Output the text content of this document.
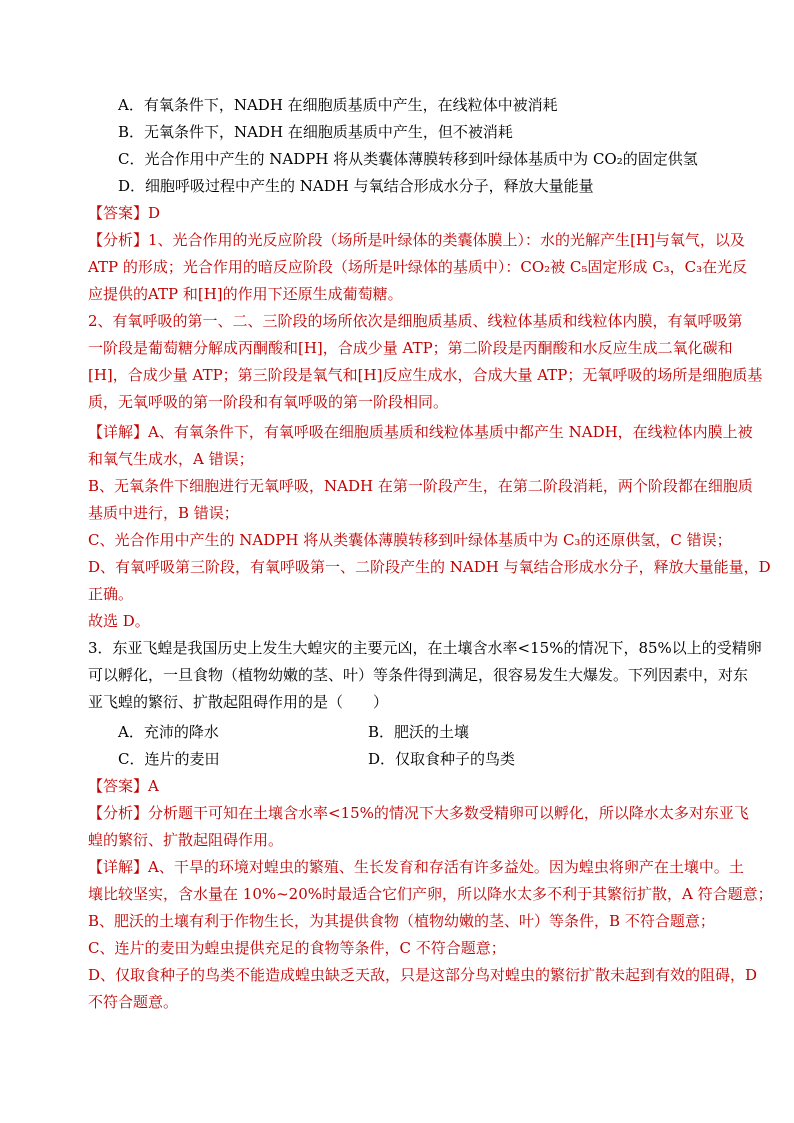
A．有氧条件下，NADH 在细胞质基质中产生，在线粒体中被消耗
B．无氧条件下，NADH 在细胞质基质中产生，但不被消耗
C．光合作用中产生的 NADPH 将从类囊体薄膜转移到叶绿体基质中为 CO₂的固定供氢
D．细胞呼吸过程中产生的 NADH 与氧结合形成水分子，释放大量能量
【答案】D
【分析】1、光合作用的光反应阶段（场所是叶绿体的类囊体膜上）：水的光解产生[H]与氧气，以及
ATP 的形成；光合作用的暗反应阶段（场所是叶绿体的基质中）：CO₂被 C₅固定形成 C₃，C₃在光反
应提供的ATP 和[H]的作用下还原生成葡萄糖。
2、有氧呼吸的第一、二、三阶段的场所依次是细胞质基质、线粒体基质和线粒体内膜，有氧呼吸第
一阶段是葡萄糖分解成丙酮酸和[H]，合成少量 ATP；第二阶段是丙酮酸和水反应生成二氧化碳和
[H]，合成少量 ATP；第三阶段是氧气和[H]反应生成水，合成大量 ATP；无氧呼吸的场所是细胞质基
质，无氧呼吸的第一阶段和有氧呼吸的第一阶段相同。
【详解】A、有氧条件下，有氧呼吸在细胞质基质和线粒体基质中都产生 NADH，在线粒体内膜上被
和氧气生成水，A 错误；
B、无氧条件下细胞进行无氧呼吸，NADH 在第一阶段产生，在第二阶段消耗，两个阶段都在细胞质
基质中进行，B 错误；
C、光合作用中产生的 NADPH 将从类囊体薄膜转移到叶绿体基质中为 C₃的还原供氢，C 错误；
D、有氧呼吸第三阶段，有氧呼吸第一、二阶段产生的 NADH 与氧结合形成水分子，释放大量能量，D
正确。
故选 D。
3．东亚飞蝗是我国历史上发生大蝗灾的主要元凶，在土壤含水率<15%的情况下，85%以上的受精卵
可以孵化，一旦食物（植物幼嫩的茎、叶）等条件得到满足，很容易发生大爆发。下列因素中，对东
亚飞蝗的繁衍、扩散起阻碍作用的是（　　）
A．充沛的降水	B．肥沃的土壤
C．连片的麦田	D．仅取食种子的鸟类
【答案】A
【分析】分析题干可知在土壤含水率<15%的情况下大多数受精卵可以孵化，所以降水太多对东亚飞
蝗的繁衍、扩散起阻碍作用。
【详解】A、干旱的环境对蝗虫的繁殖、生长发育和存活有许多益处。因为蝗虫将卵产在土壤中。土
壤比较坚实，含水量在 10%~20%时最适合它们产卵，所以降水太多不利于其繁衍扩散，A 符合题意；
B、肥沃的土壤有利于作物生长，为其提供食物（植物幼嫩的茎、叶）等条件，B 不符合题意；
C、连片的麦田为蝗虫提供充足的食物等条件，C 不符合题意；
D、仅取食种子的鸟类不能造成蝗虫缺乏天敌，只是这部分鸟对蝗虫的繁衍扩散未起到有效的阻碍，D
不符合题意。
